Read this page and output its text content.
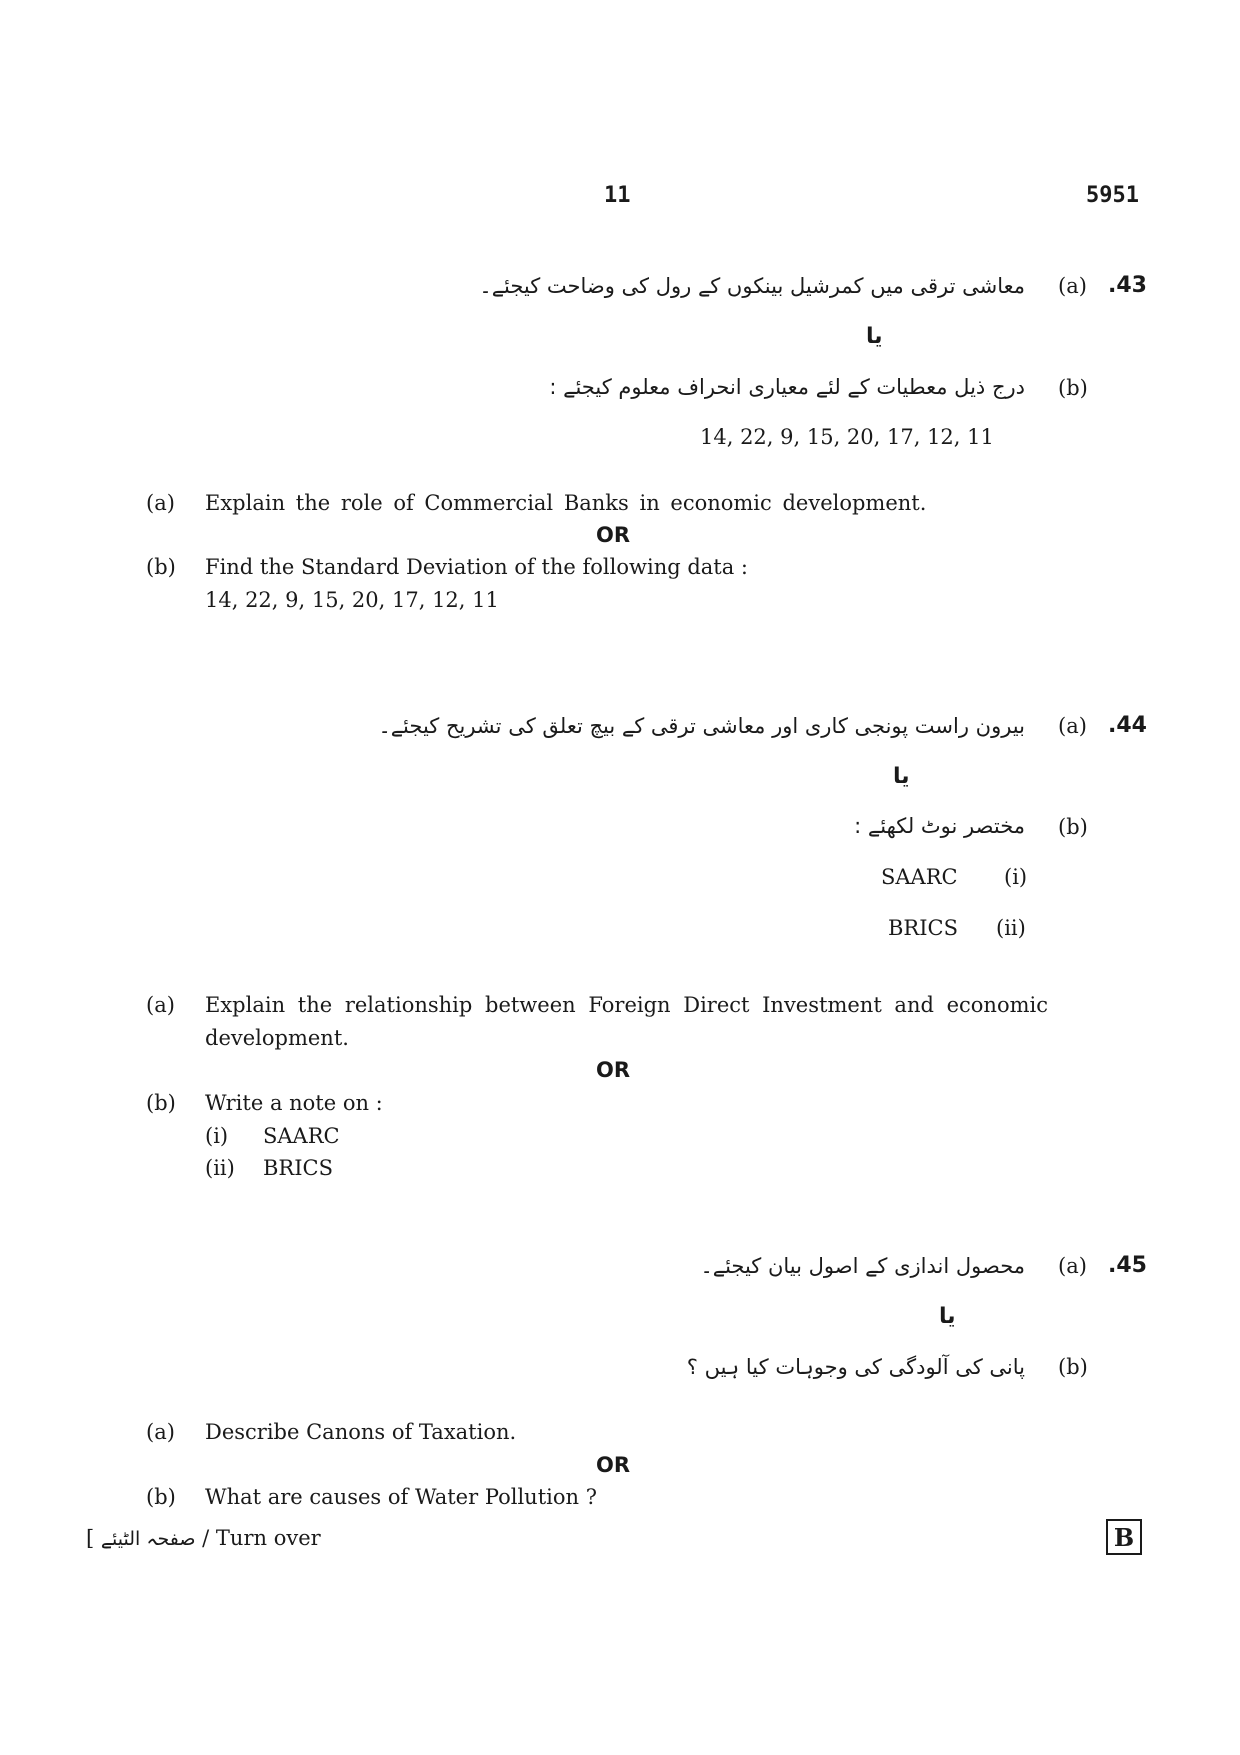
11	5951
.43
(a)
معاشی ترقی میں کمرشیل بینکوں کے رول کی وضاحت کیجئے۔
یا
(b)
درج ذیل معطیات کے لئے معیاری انحراف معلوم کیجئے :
14, 22, 9, 15, 20, 17, 12, 11
(a) Explain the role of Commercial Banks in economic development.
OR
(b) Find the Standard Deviation of the following data :
14, 22, 9, 15, 20, 17, 12, 11
.44
(a)
بیرون راست پونجی کاری اور معاشی ترقی کے بیچ تعلق کی تشریح کیجئے۔
یا
(b)
مختصر نوٹ لکھئے :
(i)
SAARC
(ii)
BRICS
(a) Explain the relationship between Foreign Direct Investment and economic
development.
OR
(b) Write a note on :
(i) SAARC
(ii) BRICS
.45
(a)
محصول اندازی کے اصول بیان کیجئے۔
یا
(b)
پانی کی آلودگی کی وجوہات کیا ہیں ؟
(a) Describe Canons of Taxation.
OR
(b) What are causes of Water Pollution ?
[ صفحہ الٹیئے / Turn over	B
